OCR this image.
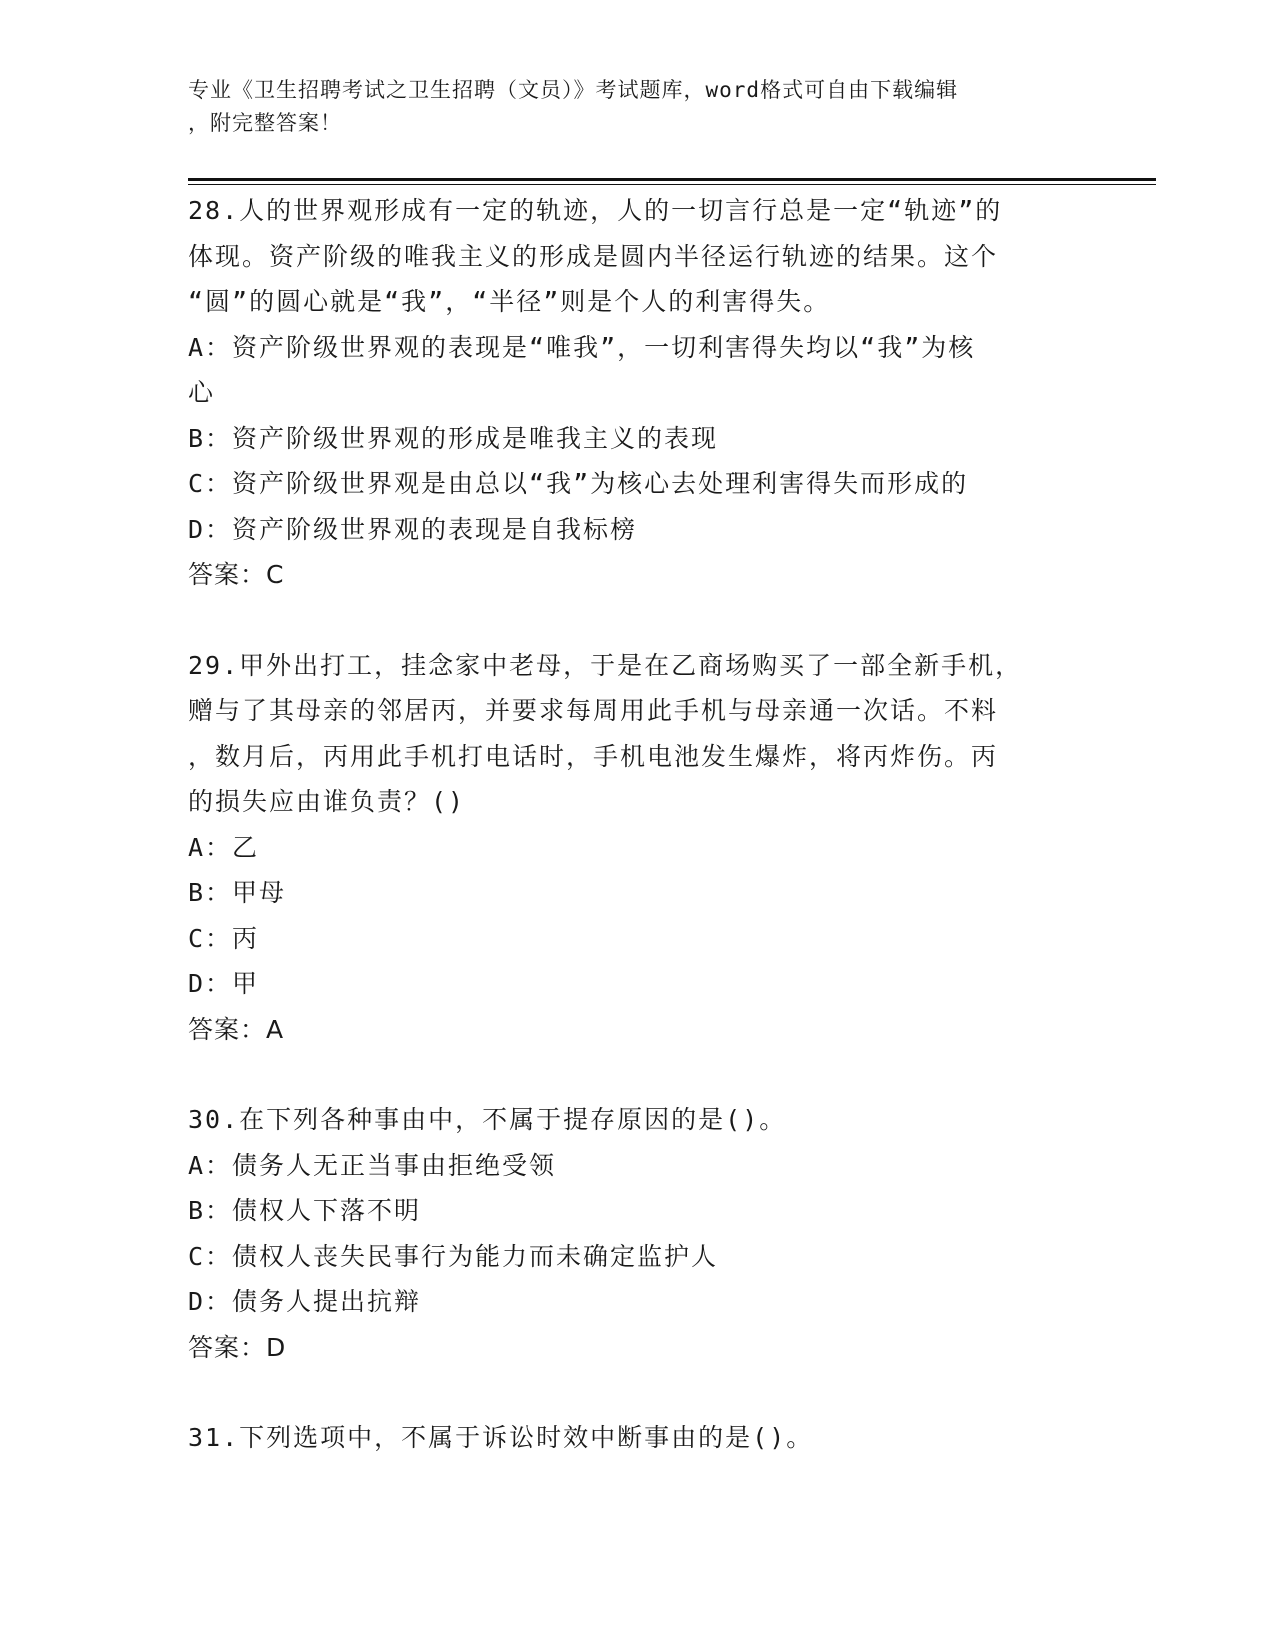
专业《卫生招聘考试之卫生招聘（文员）》考试题库，word格式可自由下载编辑
，附完整答案！

28.人的世界观形成有一定的轨迹，人的一切言行总是一定“轨迹”的

体现。资产阶级的唯我主义的形成是圆内半径运行轨迹的结果。这个

“圆”的圆心就是“我”，“半径”则是个人的利害得失。

A：资产阶级世界观的表现是“唯我”，一切利害得失均以“我”为核

心

B：资产阶级世界观的形成是唯我主义的表现

C：资产阶级世界观是由总以“我”为核心去处理利害得失而形成的

D：资产阶级世界观的表现是自我标榜

答案：C

29.甲外出打工，挂念家中老母，于是在乙商场购买了一部全新手机，

赠与了其母亲的邻居丙，并要求每周用此手机与母亲通一次话。不料

，数月后，丙用此手机打电话时，手机电池发生爆炸，将丙炸伤。丙

的损失应由谁负责？()

A：乙

B：甲母

C：丙

D：甲

答案：A

30.在下列各种事由中，不属于提存原因的是()。

A：债务人无正当事由拒绝受领

B：债权人下落不明

C：债权人丧失民事行为能力而未确定监护人

D：债务人提出抗辩

答案：D

31.下列选项中，不属于诉讼时效中断事由的是()。
